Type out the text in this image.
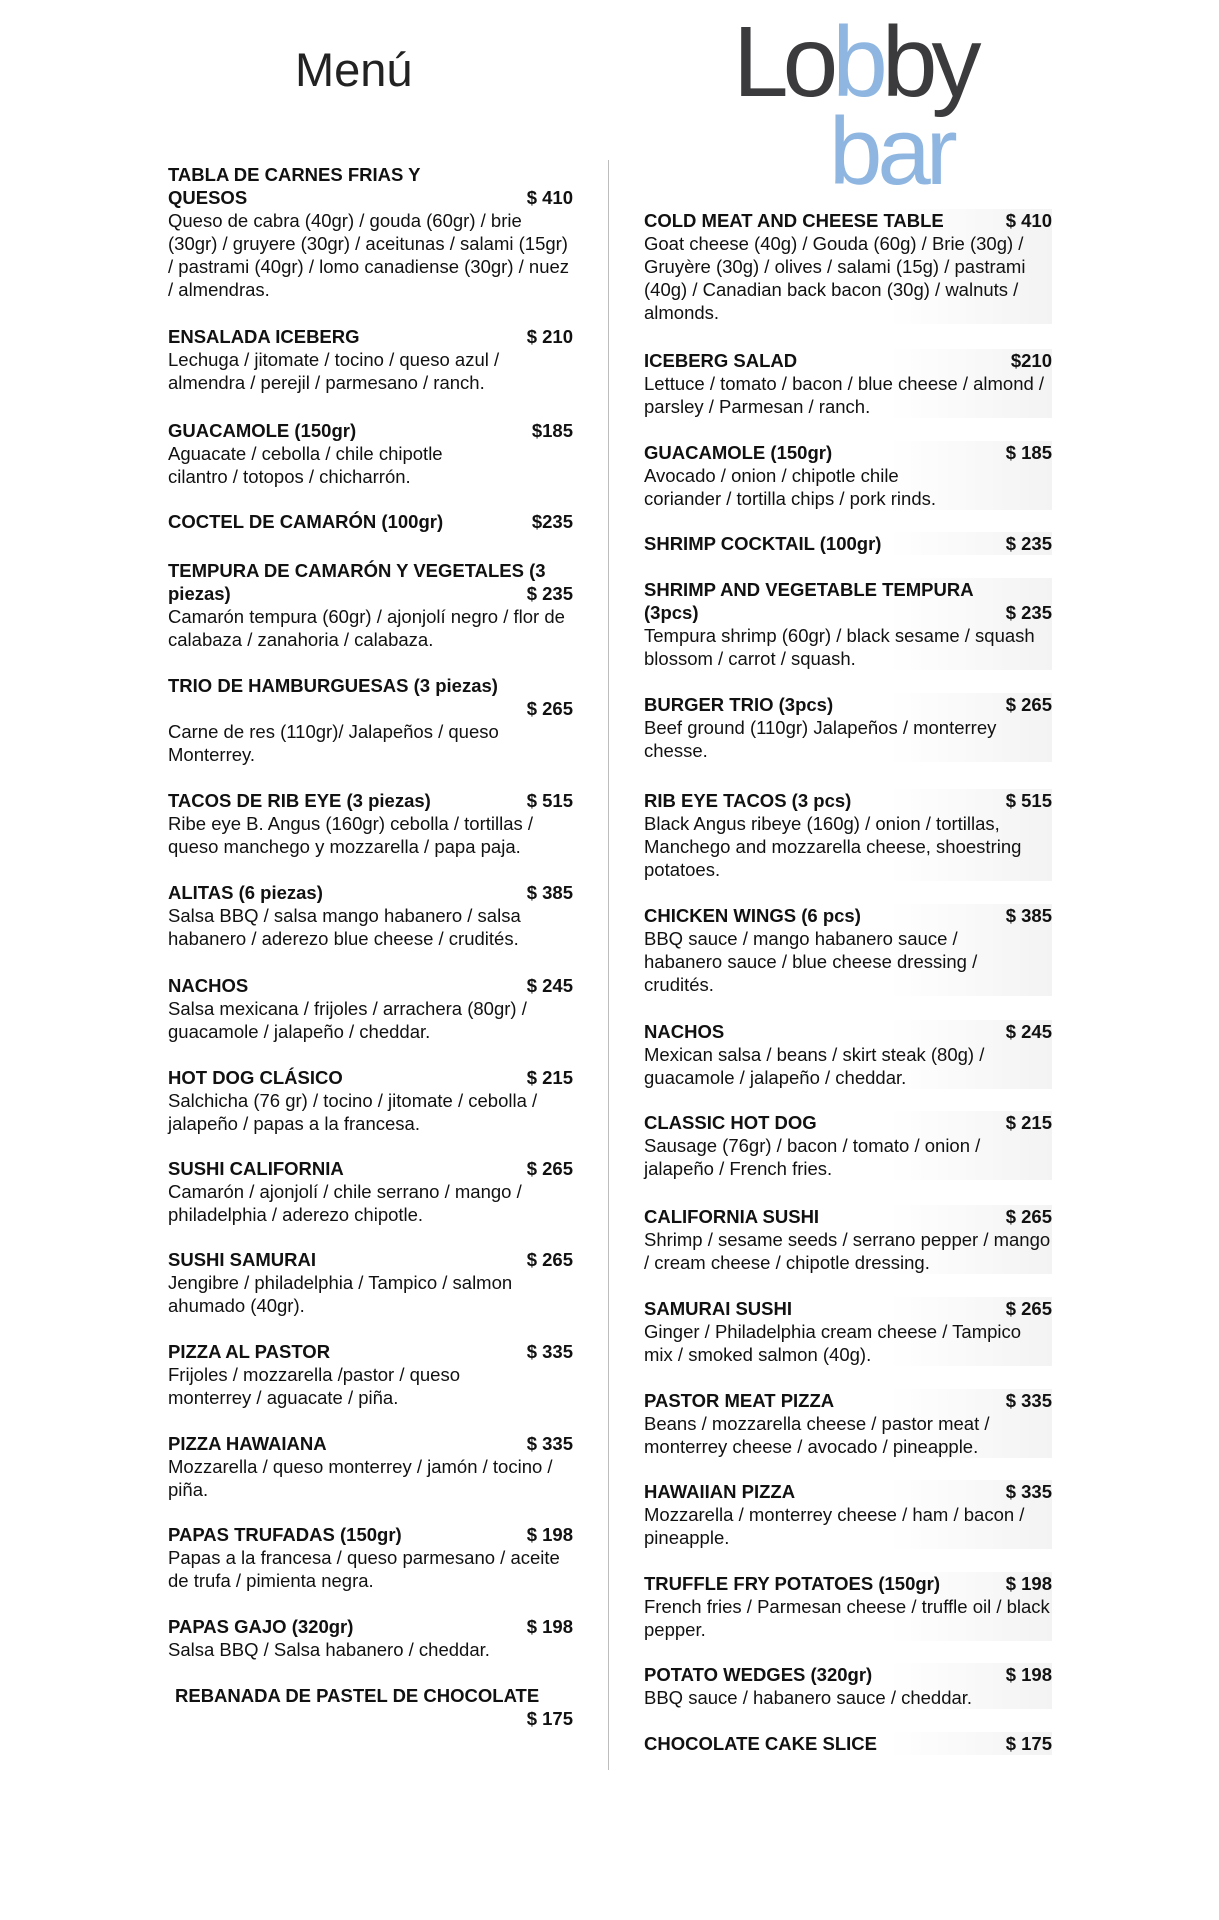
Menú	Lobby
bar
TABLA DE CARNES FRIAS Y QUESOS	$ 410
Queso de cabra (40gr) / gouda (60gr) / brie (30gr) / gruyere (30gr) / aceitunas / salami (15gr) / pastrami (40gr) / lomo canadiense (30gr) / nuez / almendras.
ENSALADA ICEBERG	$ 210
Lechuga / jitomate / tocino / queso azul / almendra / perejil / parmesano / ranch.
GUACAMOLE (150gr)	$185
Aguacate / cebolla / chile chipotle cilantro / totopos / chicharrón.
COCTEL DE CAMARÓN (100gr)	$235
TEMPURA DE CAMARÓN Y VEGETALES (3 piezas)	$ 235
Camarón tempura (60gr) / ajonjolí negro / flor de calabaza / zanahoria / calabaza.
TRIO DE HAMBURGUESAS (3 piezas)
$ 265
Carne de res (110gr)/ Jalapeños / queso Monterrey.
TACOS DE RIB EYE (3 piezas)	$ 515
Ribe eye B. Angus (160gr) cebolla / tortillas / queso manchego y mozzarella / papa paja.
ALITAS (6 piezas)	$ 385
Salsa BBQ / salsa mango habanero / salsa habanero / aderezo blue cheese / crudités.
NACHOS	$ 245
Salsa mexicana / frijoles / arrachera (80gr) / guacamole / jalapeño / cheddar.
HOT DOG CLÁSICO	$ 215
Salchicha (76 gr) / tocino / jitomate / cebolla / jalapeño / papas a la francesa.
SUSHI CALIFORNIA	$ 265
Camarón / ajonjolí / chile serrano / mango / philadelphia / aderezo chipotle.
SUSHI SAMURAI	$ 265
Jengibre / philadelphia / Tampico / salmon ahumado (40gr).
PIZZA AL PASTOR	$ 335
Frijoles / mozzarella /pastor / queso monterrey / aguacate / piña.
PIZZA HAWAIANA	$ 335
Mozzarella / queso monterrey / jamón / tocino / piña.
PAPAS TRUFADAS (150gr)	$ 198
Papas a la francesa / queso parmesano / aceite de trufa / pimienta negra.
PAPAS GAJO (320gr)	$ 198
Salsa BBQ / Salsa habanero / cheddar.
REBANADA DE PASTEL DE CHOCOLATE
$ 175
COLD MEAT AND CHEESE TABLE	$ 410
Goat cheese (40g) / Gouda (60g) / Brie (30g) / Gruyère (30g) / olives / salami (15g) / pastrami (40g) / Canadian back bacon (30g) / walnuts / almonds.
ICEBERG SALAD	$210
Lettuce / tomato / bacon / blue cheese / almond / parsley / Parmesan / ranch.
GUACAMOLE (150gr)	$ 185
Avocado / onion / chipotle chile coriander / tortilla chips / pork rinds.
SHRIMP COCKTAIL (100gr)	$ 235
SHRIMP AND VEGETABLE TEMPURA (3pcs)	$ 235
Tempura shrimp (60gr) / black sesame / squash blossom / carrot / squash.
BURGER TRIO (3pcs)	$ 265
Beef ground (110gr) Jalapeños / monterrey chesse.
RIB EYE TACOS (3 pcs)	$ 515
Black Angus ribeye (160g) / onion / tortillas, Manchego and mozzarella cheese, shoestring potatoes.
CHICKEN WINGS (6 pcs)	$ 385
BBQ sauce / mango habanero sauce / habanero sauce / blue cheese dressing / crudités.
NACHOS	$ 245
Mexican salsa / beans / skirt steak (80g) / guacamole / jalapeño / cheddar.
CLASSIC HOT DOG	$ 215
Sausage (76gr) / bacon / tomato / onion / jalapeño / French fries.
CALIFORNIA SUSHI	$ 265
Shrimp / sesame seeds / serrano pepper / mango / cream cheese / chipotle dressing.
SAMURAI SUSHI	$ 265
Ginger / Philadelphia cream cheese / Tampico mix / smoked salmon (40g).
PASTOR MEAT PIZZA	$ 335
Beans / mozzarella cheese / pastor meat / monterrey cheese / avocado / pineapple.
HAWAIIAN PIZZA	$ 335
Mozzarella / monterrey cheese / ham / bacon / pineapple.
TRUFFLE FRY POTATOES (150gr)	$ 198
French fries / Parmesan cheese / truffle oil / black pepper.
POTATO WEDGES (320gr)	$ 198
BBQ sauce / habanero sauce / cheddar.
CHOCOLATE CAKE SLICE	$ 175
